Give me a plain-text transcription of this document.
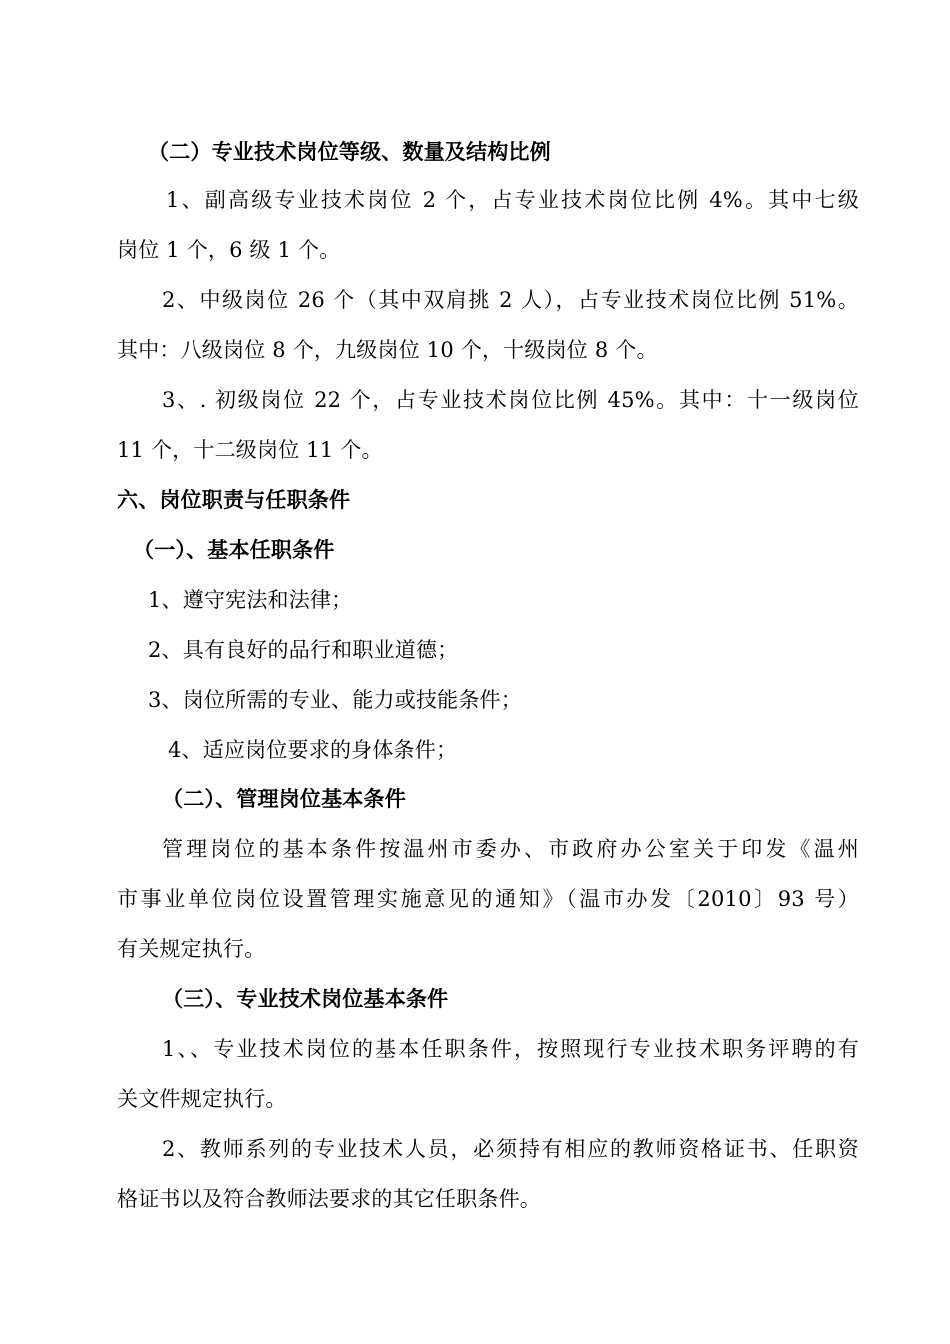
（二）专业技术岗位等级、数量及结构比例
1、副高级专业技术岗位 2 个，占专业技术岗位比例 4%。其中七级
岗位 1 个，6 级 1 个。
2、中级岗位 26 个（其中双肩挑 2 人），占专业技术岗位比例 51%。
其中：八级岗位 8 个，九级岗位 10 个，十级岗位 8 个。
3、. 初级岗位 22 个，占专业技术岗位比例 45%。其中：十一级岗位
11 个，十二级岗位 11 个。
六、岗位职责与任职条件
（一）、基本任职条件
1、遵守宪法和法律；
2、具有良好的品行和职业道德；
3、岗位所需的专业、能力或技能条件；
4、适应岗位要求的身体条件；
（二）、管理岗位基本条件
管理岗位的基本条件按温州市委办、市政府办公室关于印发《温州
市事业单位岗位设置管理实施意见的通知》（温市办发〔2010〕93 号）
有关规定执行。
（三）、专业技术岗位基本条件
1、、专业技术岗位的基本任职条件，按照现行专业技术职务评聘的有
关文件规定执行。
2、教师系列的专业技术人员，必须持有相应的教师资格证书、任职资
格证书以及符合教师法要求的其它任职条件。
